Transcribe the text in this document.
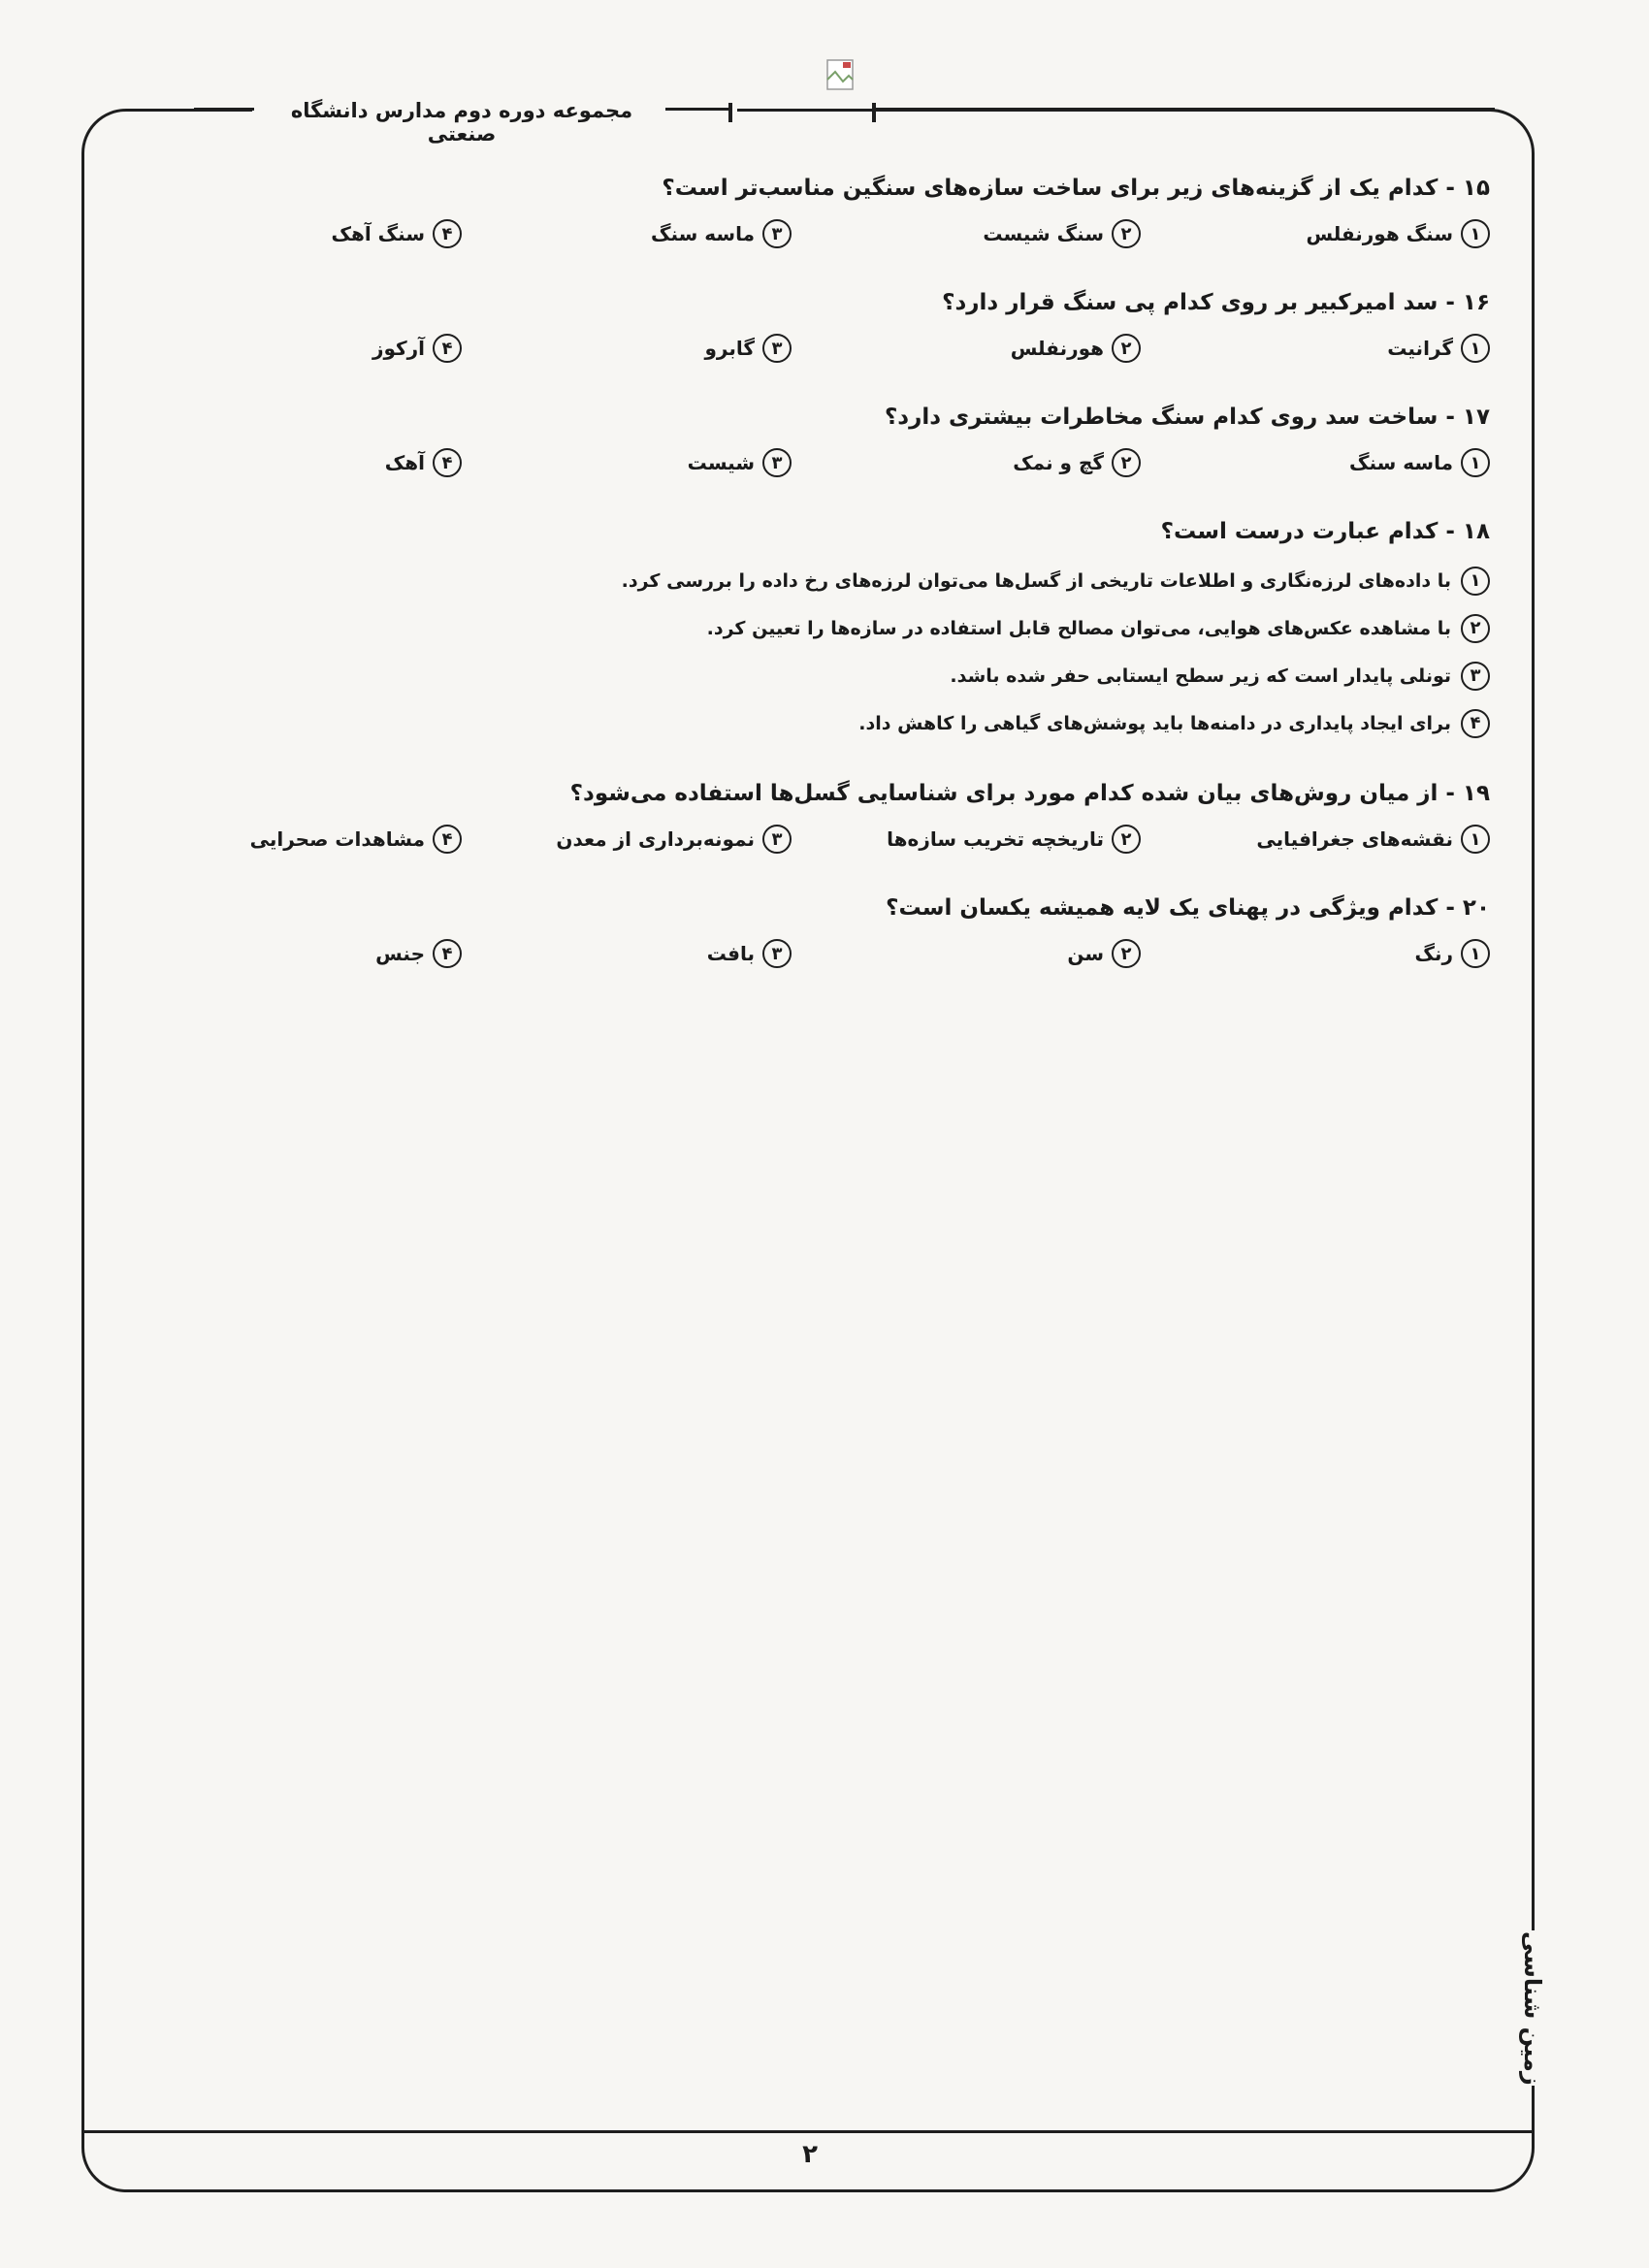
مجموعه دوره دوم مدارس دانشگاه صنعتی
۱۵ - کدام یک از گزینه‌های زیر برای ساخت سازه‌های سنگین مناسب‌تر است؟
۱
سنگ هورنفلس
۲
سنگ شیست
۳
ماسه سنگ
۴
سنگ آهک
۱۶ - سد امیرکبیر بر روی کدام پی سنگ قرار دارد؟
۱
گرانیت
۲
هورنفلس
۳
گابرو
۴
آرکوز
۱۷ - ساخت سد روی کدام سنگ مخاطرات بیشتری دارد؟
۱
ماسه سنگ
۲
گچ و نمک
۳
شیست
۴
آهک
۱۸ - کدام عبارت درست است؟
۱
با داده‌های لرزه‌نگاری و اطلاعات تاریخی از گسل‌ها می‌توان لرزه‌های رخ داده را بررسی کرد.
۲
با مشاهده عکس‌های هوایی، می‌توان مصالح قابل استفاده در سازه‌ها را تعیین کرد.
۳
تونلی پایدار است که زیر سطح ایستابی حفر شده باشد.
۴
برای ایجاد پایداری در دامنه‌ها باید پوشش‌های گیاهی را کاهش داد.
۱۹ - از میان روش‌های بیان شده کدام مورد برای شناسایی گسل‌ها استفاده می‌شود؟
۱
نقشه‌های جغرافیایی
۲
تاریخچه تخریب سازه‌ها
۳
نمونه‌برداری از معدن
۴
مشاهدات صحرایی
۲۰ - کدام ویژگی در پهنای یک لایه همیشه یکسان است؟
۱
رنگ
۲
سن
۳
بافت
۴
جنس
زمین شناسی
۲
